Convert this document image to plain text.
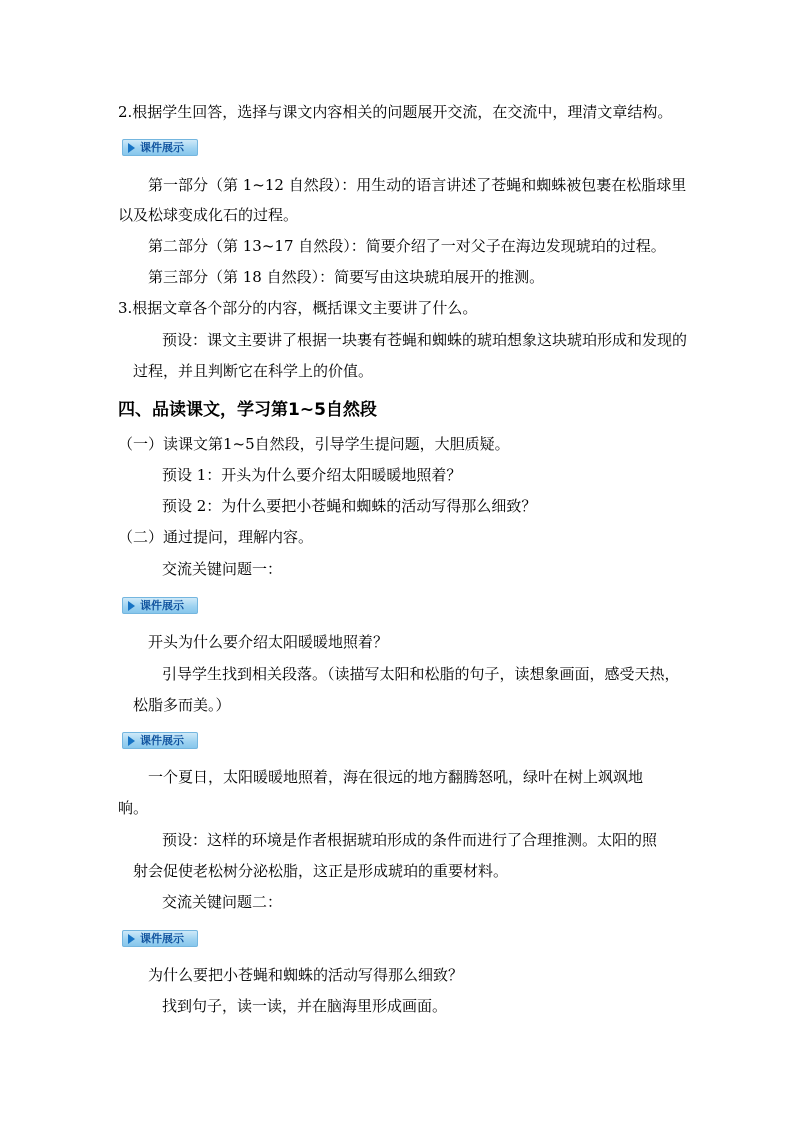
2.根据学生回答，选择与课文内容相关的问题展开交流，在交流中，理清文章结构。
课件展示
第一部分（第 1~12 自然段）：用生动的语言讲述了苍蝇和蜘蛛被包裹在松脂球里
以及松球变成化石的过程。
第二部分（第 13~17 自然段）：简要介绍了一对父子在海边发现琥珀的过程。
第三部分（第 18 自然段）：简要写由这块琥珀展开的推测。
3.根据文章各个部分的内容，概括课文主要讲了什么。
预设：课文主要讲了根据一块裹有苍蝇和蜘蛛的琥珀想象这块琥珀形成和发现的
过程，并且判断它在科学上的价值。
四、品读课文，学习第1~5自然段
（一）读课文第1~5自然段，引导学生提问题，大胆质疑。
预设 1：开头为什么要介绍太阳暖暖地照着？
预设 2：为什么要把小苍蝇和蜘蛛的活动写得那么细致？
（二）通过提问，理解内容。
交流关键问题一：
课件展示
开头为什么要介绍太阳暖暖地照着？
引导学生找到相关段落。（读描写太阳和松脂的句子，读想象画面，感受天热，
松脂多而美。）
课件展示
一个夏日，太阳暖暖地照着，海在很远的地方翻腾怒吼，绿叶在树上飒飒地
响。
预设：这样的环境是作者根据琥珀形成的条件而进行了合理推测。太阳的照
射会促使老松树分泌松脂，这正是形成琥珀的重要材料。
交流关键问题二：
课件展示
为什么要把小苍蝇和蜘蛛的活动写得那么细致？
找到句子，读一读，并在脑海里形成画面。
